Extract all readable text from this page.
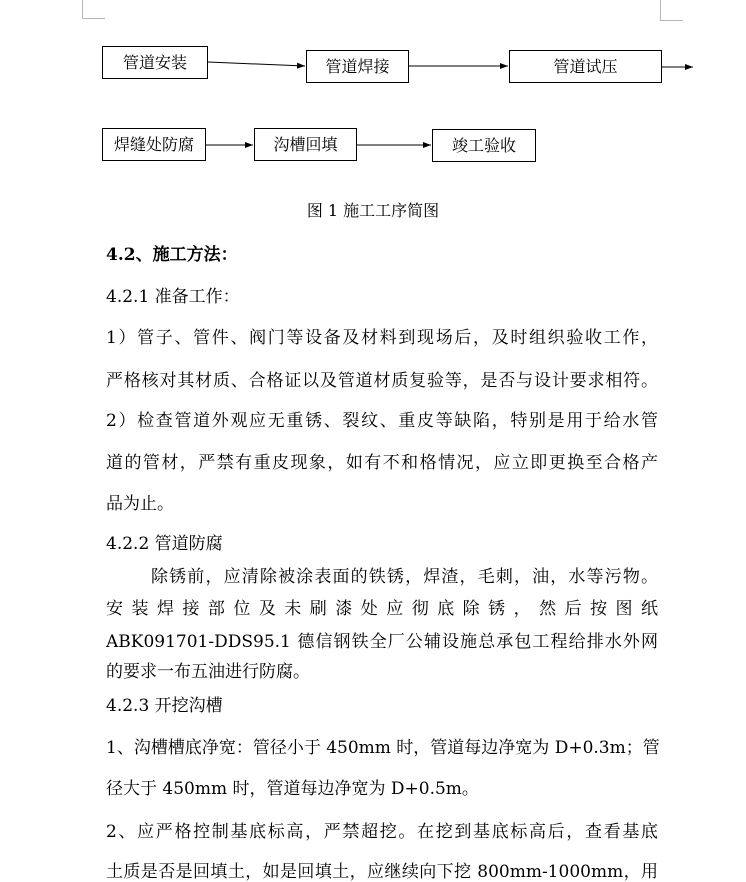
管道安装	管道焊接	管道试压
焊缝处防腐	沟槽回填	竣工验收
图 1 施工工序简图
4.2、施工方法：
4.2.1 准备工作：
1）管子、管件、阀门等设备及材料到现场后，及时组织验收工作，
严格核对其材质、合格证以及管道材质复验等，是否与设计要求相符。
2）检查管道外观应无重锈、裂纹、重皮等缺陷，特别是用于给水管
道的管材，严禁有重皮现象，如有不和格情况，应立即更换至合格产
品为止。
4.2.2 管道防腐
除锈前，应清除被涂表面的铁锈，焊渣，毛刺，油，水等污物。
安装焊接部位及未刷漆处应彻底除锈，然后按图纸
ABK091701-DDS95.1 德信钢铁全厂公辅设施总承包工程给排水外网
的要求一布五油进行防腐。
4.2.3 开挖沟槽
1、沟槽槽底净宽：管径小于 450mm 时，管道每边净宽为 D+0.3m；管
径大于 450mm 时，管道每边净宽为 D+0.5m。
2、应严格控制基底标高，严禁超挖。在挖到基底标高后，查看基底
土质是否是回填土，如是回填土，应继续向下挖 800mm-1000mm，用
